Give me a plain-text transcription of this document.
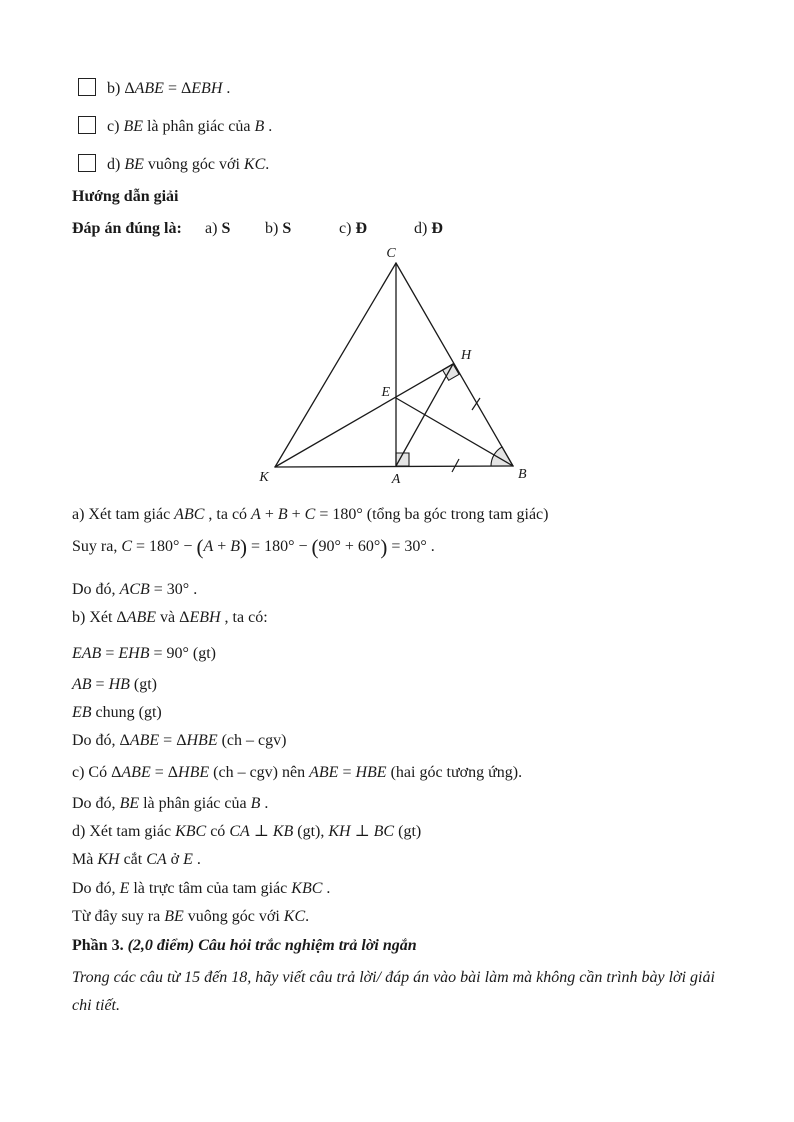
b) ΔABE = ΔEBH .
c) BE là phân giác của B .
d) BE vuông góc với KC.
Hướng dẫn giải
Đáp án đúng là: a) S b) S	c) Đ	d) Đ
C
K	A	B
E
H
a) Xét tam giác ABC , ta có A + B + C = 180° (tổng ba góc trong tam giác)
Suy ra, C = 180° − (A + B) = 180° − (90° + 60°) = 30° .
Do đó, ACB = 30° .
b) Xét ΔABE và ΔEBH , ta có:
EAB = EHB = 90° (gt)
AB = HB (gt)
EB chung (gt)
Do đó, ΔABE = ΔHBE (ch – cgv)
c) Có ΔABE = ΔHBE (ch – cgv) nên ABE = HBE (hai góc tương ứng).
Do đó, BE là phân giác của B .
d) Xét tam giác KBC có CA ⊥ KB (gt), KH ⊥ BC (gt)
Mà KH cắt CA ở E .
Do đó, E là trực tâm của tam giác KBC .
Từ đây suy ra BE vuông góc với KC.
Phần 3. (2,0 điểm) Câu hỏi trắc nghiệm trả lời ngắn
Trong các câu từ 15 đến 18, hãy viết câu trả lời/ đáp án vào bài làm mà không cần trình bày lời giải chi tiết.
